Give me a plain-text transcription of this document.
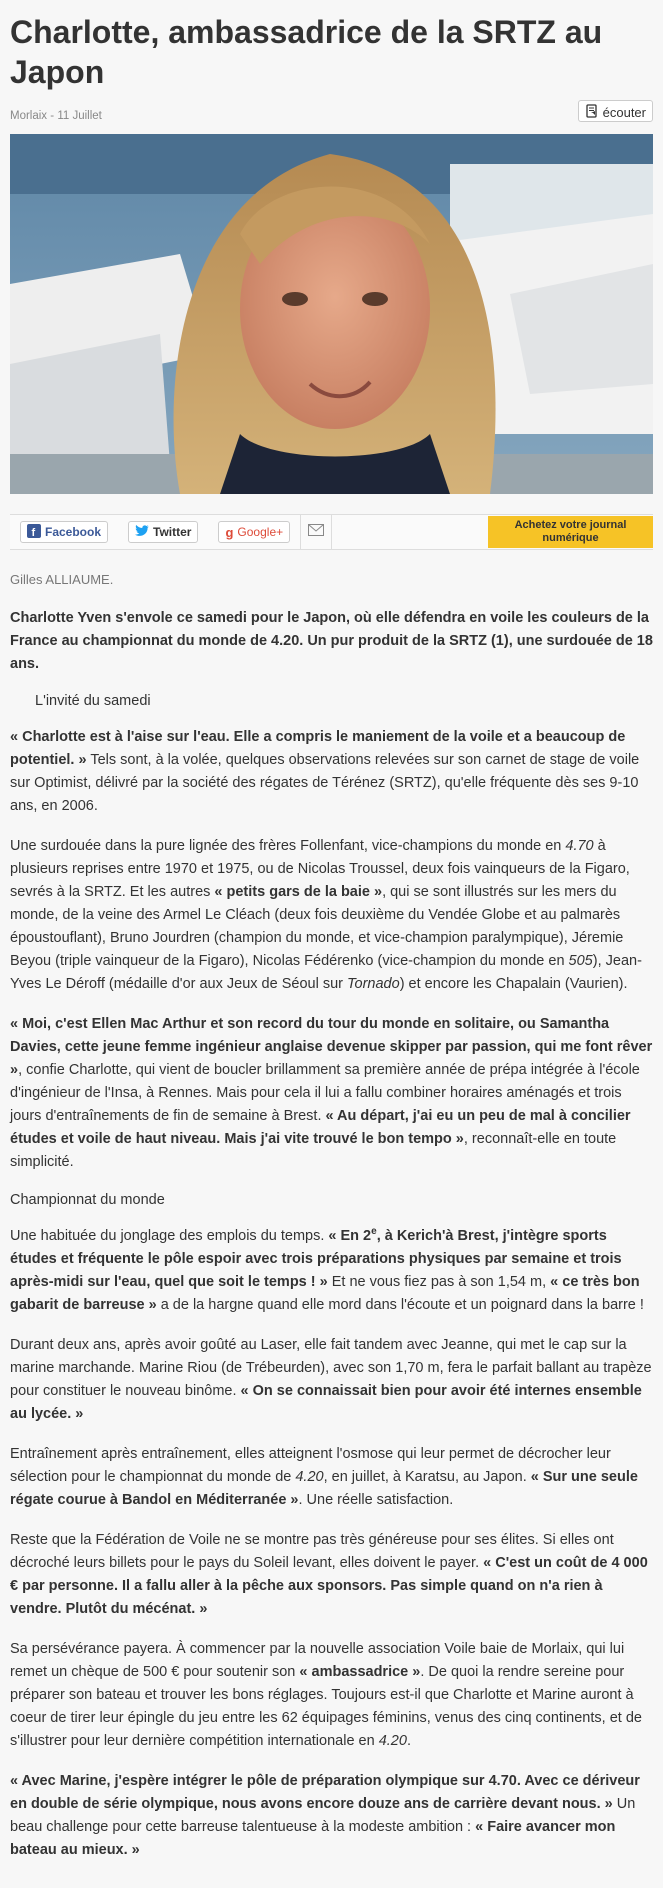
Charlotte, ambassadrice de la SRTZ au Japon
Morlaix - 11 Juillet	écouter
f Facebook	Twitter	g Google+	Achetez votre journal numérique
Gilles ALLIAUME.

Charlotte Yven s'envole ce samedi pour le Japon, où elle défendra en voile les couleurs de la France au championnat du monde de 4.20. Un pur produit de la SRTZ (1), une surdouée de 18 ans.

L'invité du samedi

« Charlotte est à l'aise sur l'eau. Elle a compris le maniement de la voile et a beaucoup de potentiel. » Tels sont, à la volée, quelques observations relevées sur son carnet de stage de voile sur Optimist, délivré par la société des régates de Térénez (SRTZ), qu'elle fréquente dès ses 9-10 ans, en 2006.

Une surdouée dans la pure lignée des frères Follenfant, vice-champions du monde en 4.70 à plusieurs reprises entre 1970 et 1975, ou de Nicolas Troussel, deux fois vainqueurs de la Figaro, sevrés à la SRTZ. Et les autres « petits gars de la baie », qui se sont illustrés sur les mers du monde, de la veine des Armel Le Cléach (deux fois deuxième du Vendée Globe et au palmarès époustouflant), Bruno Jourdren (champion du monde, et vice-champion paralympique), Jéremie Beyou (triple vainqueur de la Figaro), Nicolas Fédérenko (vice-champion du monde en 505), Jean-Yves Le Déroff (médaille d'or aux Jeux de Séoul sur Tornado) et encore les Chapalain (Vaurien).

« Moi, c'est Ellen Mac Arthur et son record du tour du monde en solitaire, ou Samantha Davies, cette jeune femme ingénieur anglaise devenue skipper par passion, qui me font rêver », confie Charlotte, qui vient de boucler brillamment sa première année de prépa intégrée à l'école d'ingénieur de l'Insa, à Rennes. Mais pour cela il lui a fallu combiner horaires aménagés et trois jours d'entraînements de fin de semaine à Brest. « Au départ, j'ai eu un peu de mal à concilier études et voile de haut niveau. Mais j'ai vite trouvé le bon tempo », reconnaît-elle en toute simplicité.

Championnat du monde

Une habituée du jonglage des emplois du temps. « En 2e, à Kerich'à Brest, j'intègre sports études et fréquente le pôle espoir avec trois préparations physiques par semaine et trois après-midi sur l'eau, quel que soit le temps ! » Et ne vous fiez pas à son 1,54 m, « ce très bon gabarit de barreuse » a de la hargne quand elle mord dans l'écoute et un poignard dans la barre !

Durant deux ans, après avoir goûté au Laser, elle fait tandem avec Jeanne, qui met le cap sur la marine marchande. Marine Riou (de Trébeurden), avec son 1,70 m, fera le parfait ballant au trapèze pour constituer le nouveau binôme. « On se connaissait bien pour avoir été internes ensemble au lycée. »

Entraînement après entraînement, elles atteignent l'osmose qui leur permet de décrocher leur sélection pour le championnat du monde de 4.20, en juillet, à Karatsu, au Japon. « Sur une seule régate courue à Bandol en Méditerranée ». Une réelle satisfaction.

Reste que la Fédération de Voile ne se montre pas très généreuse pour ses élites. Si elles ont décroché leurs billets pour le pays du Soleil levant, elles doivent le payer. « C'est un coût de 4 000 € par personne. Il a fallu aller à la pêche aux sponsors. Pas simple quand on n'a rien à vendre. Plutôt du mécénat. »

Sa persévérance payera. À commencer par la nouvelle association Voile baie de Morlaix, qui lui remet un chèque de 500 € pour soutenir son « ambassadrice ». De quoi la rendre sereine pour préparer son bateau et trouver les bons réglages. Toujours est-il que Charlotte et Marine auront à coeur de tirer leur épingle du jeu entre les 62 équipages féminins, venus des cinq continents, et de s'illustrer pour leur dernière compétition internationale en 4.20.

« Avec Marine, j'espère intégrer le pôle de préparation olympique sur 4.70. Avec ce dériveur en double de série olympique, nous avons encore douze ans de carrière devant nous. » Un beau challenge pour cette barreuse talentueuse à la modeste ambition : « Faire avancer mon bateau au mieux. »
